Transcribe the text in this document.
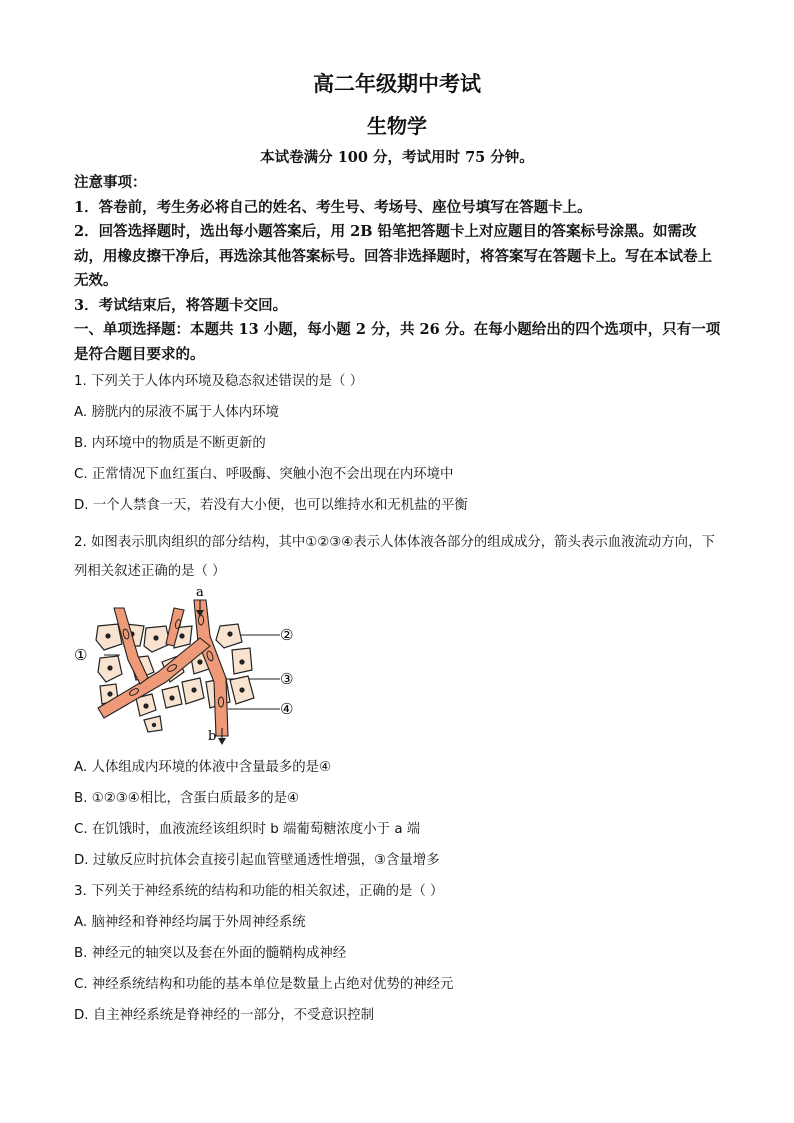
高二年级期中考试
生物学
本试卷满分 100 分，考试用时 75 分钟。

注意事项：

1．答卷前，考生务必将自己的姓名、考生号、考场号、座位号填写在答题卡上。

2．回答选择题时，选出每小题答案后，用 2B 铅笔把答题卡上对应题目的答案标号涂黑。如需改动，用橡皮擦干净后，再选涂其他答案标号。回答非选择题时，将答案写在答题卡上。写在本试卷上无效。

3．考试结束后，将答题卡交回。

一、单项选择题：本题共 13 小题，每小题 2 分，共 26 分。在每小题给出的四个选项中，只有一项是符合题目要求的。

1. 下列关于人体内环境及稳态叙述错误的是（ ）

A. 膀胱内的尿液不属于人体内环境

B. 内环境中的物质是不断更新的

C. 正常情况下血红蛋白、呼吸酶、突触小泡不会出现在内环境中

D. 一个人禁食一天，若没有大小便，也可以维持水和无机盐的平衡

2. 如图表示肌肉组织的部分结构，其中①②③④表示人体体液各部分的组成成分，箭头表示血液流动方向，下列相关叙述正确的是（ ）

a
b
①
②
③
④

A. 人体组成内环境的体液中含量最多的是④

B. ①②③④相比，含蛋白质最多的是④

C. 在饥饿时，血液流经该组织时 b 端葡萄糖浓度小于 a 端

D. 过敏反应时抗体会直接引起血管壁通透性增强，③含量增多

3. 下列关于神经系统的结构和功能的相关叙述，正确的是（ ）

A. 脑神经和脊神经均属于外周神经系统

B. 神经元的轴突以及套在外面的髓鞘构成神经

C. 神经系统结构和功能的基本单位是数量上占绝对优势的神经元

D. 自主神经系统是脊神经的一部分，不受意识控制
